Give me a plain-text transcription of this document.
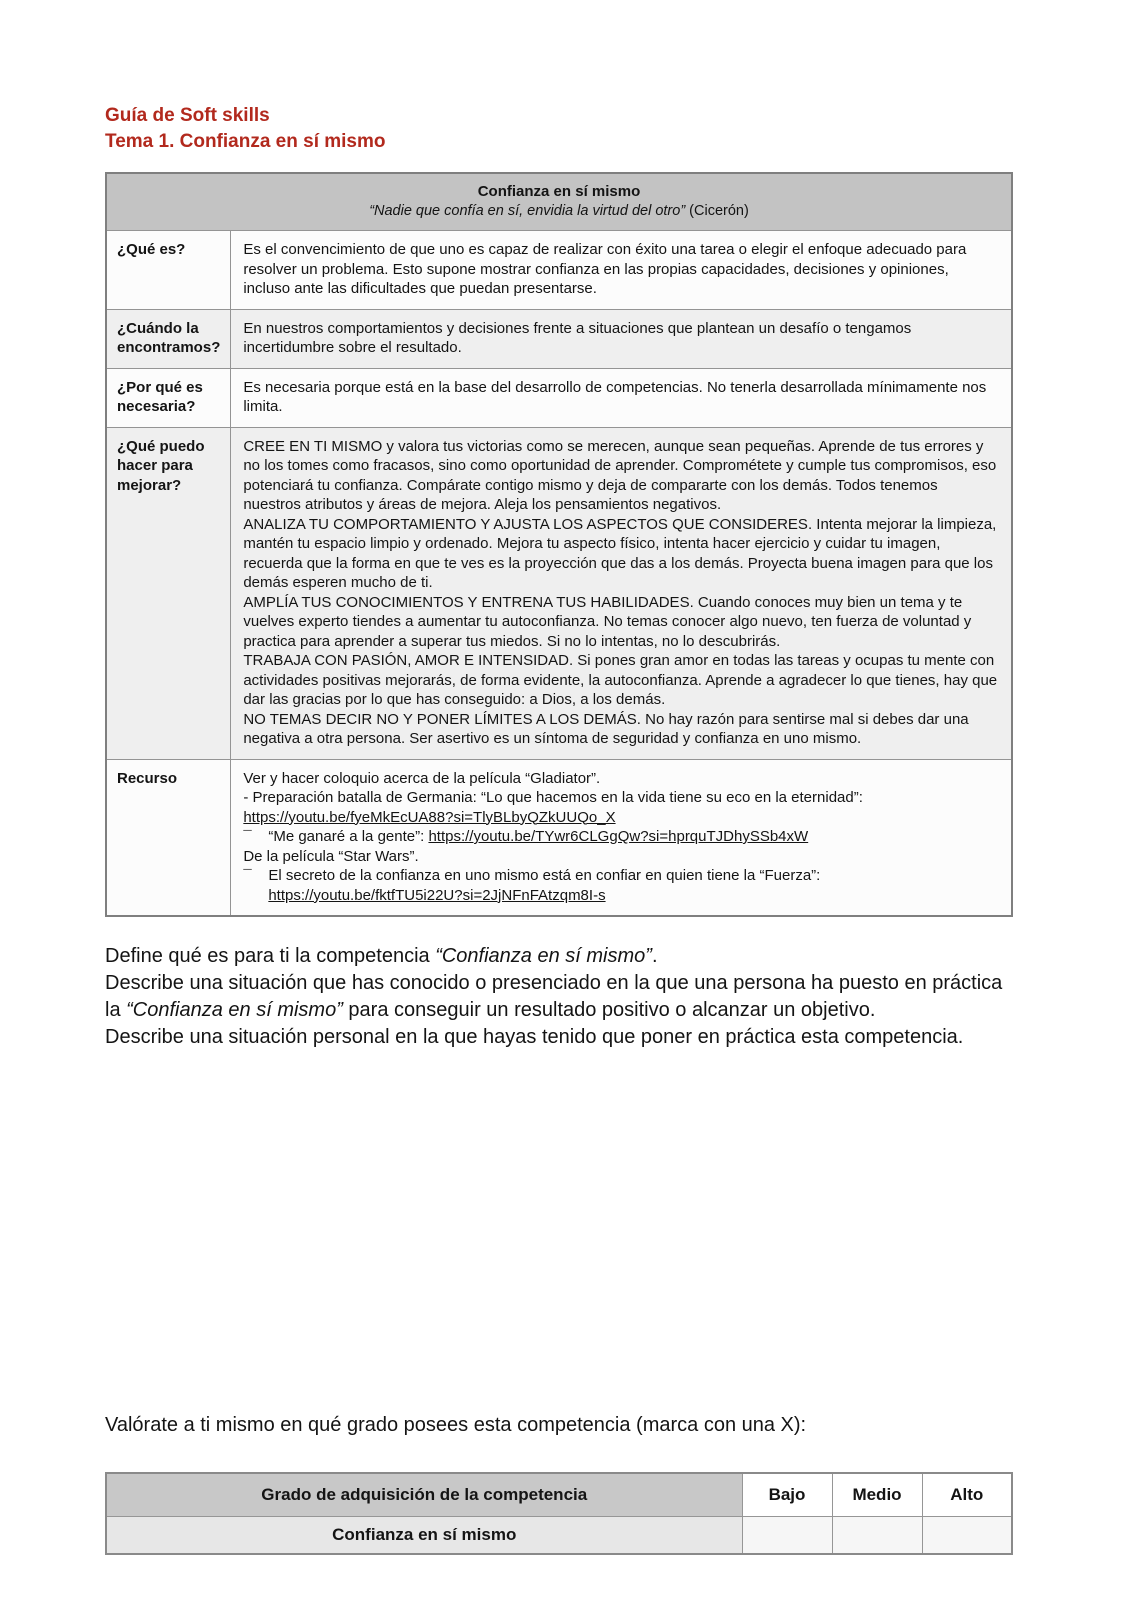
Guía de Soft skills
Tema 1. Confianza en sí mismo
Confianza en sí mismo
“Nadie que confía en sí, envidia la virtud del otro” (Cicerón)	

¿Qué es?	Es el convencimiento de que uno es capaz de realizar con éxito una tarea o elegir el enfoque adecuado para resolver un problema. Esto supone mostrar confianza en las propias capacidades, decisiones y opiniones, incluso ante las dificultades que puedan presentarse.

¿Cuándo la encontramos?	En nuestros comportamientos y decisiones frente a situaciones que plantean un desafío o tengamos incertidumbre sobre el resultado.

¿Por qué es necesaria?	Es necesaria porque está en la base del desarrollo de competencias. No tenerla desarrollada mínimamente nos limita.

¿Qué puedo hacer para mejorar?	CREE EN TI MISMO y valora tus victorias como se merecen, aunque sean pequeñas. Aprende de tus errores y no los tomes como fracasos, sino como oportunidad de aprender. Comprométete y cumple tus compromisos, eso potenciará tu confianza. Compárate contigo mismo y deja de compararte con los demás. Todos tenemos nuestros atributos y áreas de mejora. Aleja los pensamientos negativos.
ANALIZA TU COMPORTAMIENTO Y AJUSTA LOS ASPECTOS QUE CONSIDERES. Intenta mejorar la limpieza, mantén tu espacio limpio y ordenado. Mejora tu aspecto físico, intenta hacer ejercicio y cuidar tu imagen, recuerda que la forma en que te ves es la proyección que das a los demás. Proyecta buena imagen para que los demás esperen mucho de ti.
AMPLÍA TUS CONOCIMIENTOS Y ENTRENA TUS HABILIDADES. Cuando conoces muy bien un tema y te vuelves experto tiendes a aumentar tu autoconfianza. No temas conocer algo nuevo, ten fuerza de voluntad y practica para aprender a superar tus miedos. Si no lo intentas, no lo descubrirás.
TRABAJA CON PASIÓN, AMOR E INTENSIDAD. Si pones gran amor en todas las tareas y ocupas tu mente con actividades positivas mejorarás, de forma evidente, la autoconfianza. Aprende a agradecer lo que tienes, hay que dar las gracias por lo que has conseguido: a Dios, a los demás.
NO TEMAS DECIR NO Y PONER LÍMITES A LOS DEMÁS. No hay razón para sentirse mal si debes dar una negativa a otra persona. Ser asertivo es un síntoma de seguridad y confianza en uno mismo.

Recurso	Ver y hacer coloquio acerca de la película “Gladiator”.
- Preparación batalla de Germania: “Lo que hacemos en la vida tiene su eco en la eternidad”: https://youtu.be/fyeMkEcUA88?si=TlyBLbyQZkUUQo_X
¯ “Me ganaré a la gente”: https://youtu.be/TYwr6CLGgQw?si=hprquTJDhySSb4xW
De la película “Star Wars”.
¯ El secreto de la confianza en uno mismo está en confiar en quien tiene la “Fuerza”: https://youtu.be/fktfTU5i22U?si=2JjNFnFAtzqm8I-s
Define qué es para ti la competencia “Confianza en sí mismo”.
Describe una situación que has conocido o presenciado en la que una persona ha puesto en práctica la “Confianza en sí mismo” para conseguir un resultado positivo o alcanzar un objetivo.
Describe una situación personal en la que hayas tenido que poner en práctica esta competencia.

Valórate a ti mismo en qué grado posees esta competencia (marca con una X):

Grado de adquisición de la competencia	Bajo	Medio	Alto
Confianza en sí mismo			
